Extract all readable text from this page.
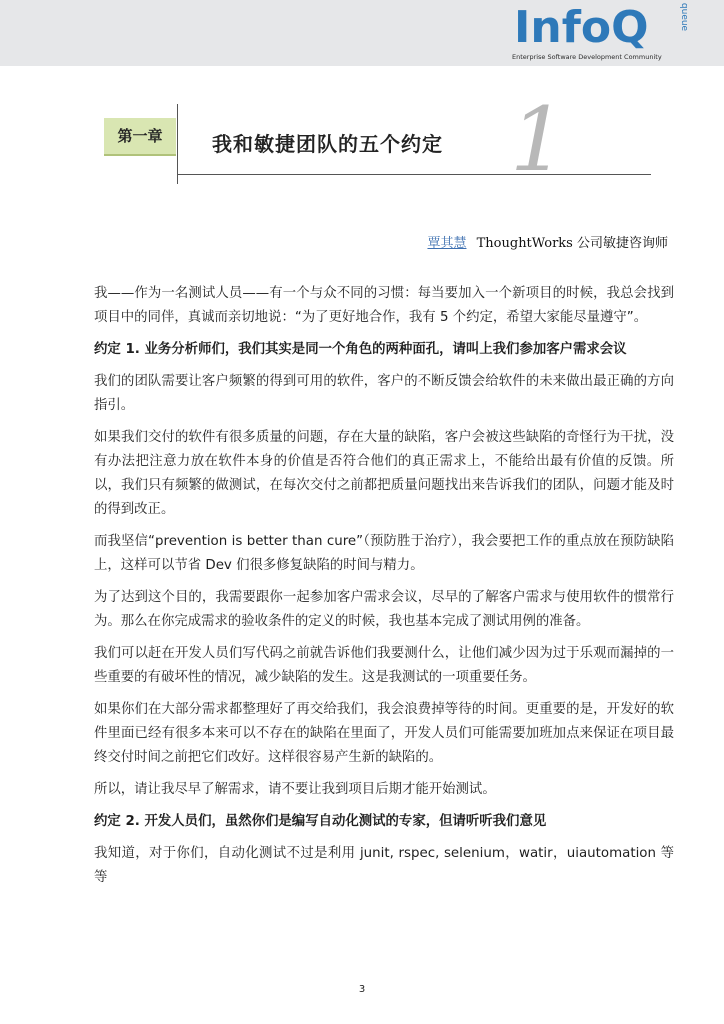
InfoQ	queue
Enterprise Software Development Community
第一章	我和敏捷团队的五个约定 1
覃其慧 ThoughtWorks 公司敏捷咨询师

我——作为一名测试人员——有一个与众不同的习惯：每当要加入一个新项目的时候，我总会找到项目中的同伴，真诚而亲切地说：“为了更好地合作，我有 5 个约定，希望大家能尽量遵守”。

约定 1. 业务分析师们，我们其实是同一个角色的两种面孔，请叫上我们参加客户需求会议

我们的团队需要让客户频繁的得到可用的软件，客户的不断反馈会给软件的未来做出最正确的方向指引。

如果我们交付的软件有很多质量的问题，存在大量的缺陷，客户会被这些缺陷的奇怪行为干扰，没有办法把注意力放在软件本身的价值是否符合他们的真正需求上，不能给出最有价值的反馈。所以，我们只有频繁的做测试，在每次交付之前都把质量问题找出来告诉我们的团队，问题才能及时的得到改正。

而我坚信“prevention is better than cure”（预防胜于治疗），我会要把工作的重点放在预防缺陷上，这样可以节省 Dev 们很多修复缺陷的时间与精力。

为了达到这个目的，我需要跟你一起参加客户需求会议，尽早的了解客户需求与使用软件的惯常行为。那么在你完成需求的验收条件的定义的时候，我也基本完成了测试用例的准备。

我们可以赶在开发人员们写代码之前就告诉他们我要测什么，让他们减少因为过于乐观而漏掉的一些重要的有破坏性的情况，减少缺陷的发生。这是我测试的一项重要任务。

如果你们在大部分需求都整理好了再交给我们，我会浪费掉等待的时间。更重要的是，开发好的软件里面已经有很多本来可以不存在的缺陷在里面了，开发人员们可能需要加班加点来保证在项目最终交付时间之前把它们改好。这样很容易产生新的缺陷的。

所以，请让我尽早了解需求，请不要让我到项目后期才能开始测试。

约定 2. 开发人员们，虽然你们是编写自动化测试的专家，但请听听我们意见

我知道，对于你们，自动化测试不过是利用 junit, rspec, selenium，watir，uiautomation 等等

3
